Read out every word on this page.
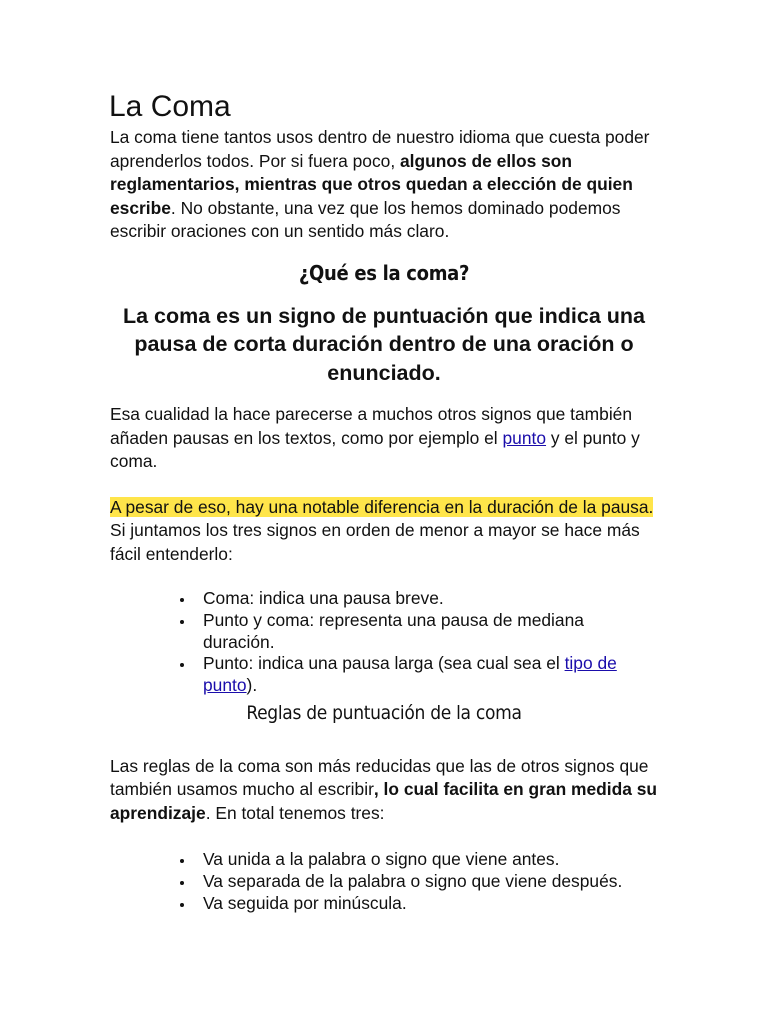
La Coma

La coma tiene tantos usos dentro de nuestro idioma que cuesta poder aprenderlos todos. Por si fuera poco, algunos de ellos son reglamentarios, mientras que otros quedan a elección de quien escribe. No obstante, una vez que los hemos dominado podemos escribir oraciones con un sentido más claro.

¿Qué es la coma?
La coma es un signo de puntuación que indica una pausa de corta duración dentro de una oración o enunciado.

Esa cualidad la hace parecerse a muchos otros signos que también añaden pausas en los textos, como por ejemplo el punto y el punto y coma.

A pesar de eso, hay una notable diferencia en la duración de la pausa. Si juntamos los tres signos en orden de menor a mayor se hace más fácil entenderlo:

Coma: indica una pausa breve.
Punto y coma: representa una pausa de mediana duración.
Punto: indica una pausa larga (sea cual sea el tipo de punto).
Reglas de puntuación de la coma

Las reglas de la coma son más reducidas que las de otros signos que también usamos mucho al escribir, lo cual facilita en gran medida su aprendizaje. En total tenemos tres:

Va unida a la palabra o signo que viene antes.
Va separada de la palabra o signo que viene después.
Va seguida por minúscula.
